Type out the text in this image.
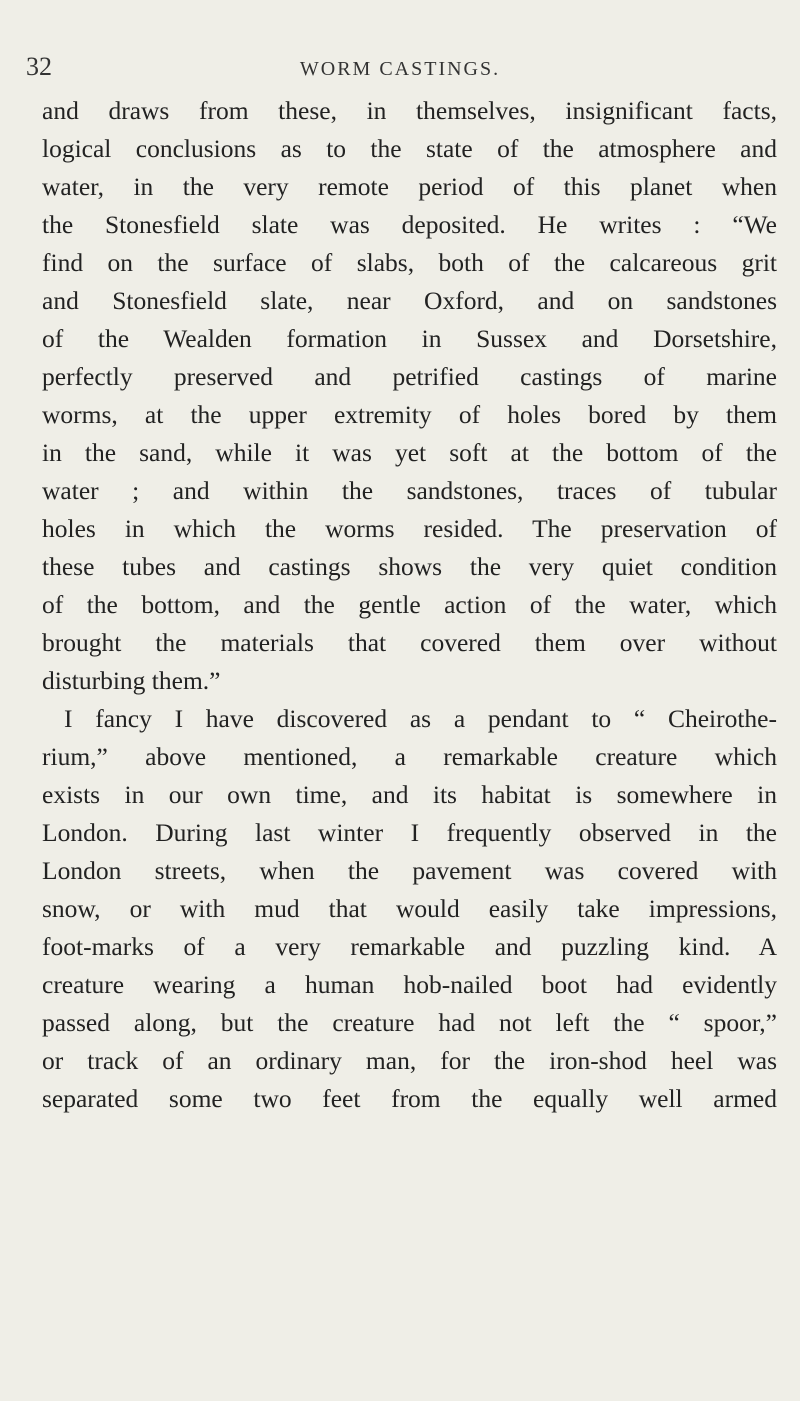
32	WORM CASTINGS.
and draws from these, in themselves, insignificant facts,
logical conclusions as to the state of the atmosphere and
water, in the very remote period of this planet when
the Stonesfield slate was deposited. He writes : “We
find on the surface of slabs, both of the calcareous grit
and Stonesfield slate, near Oxford, and on sandstones
of the Wealden formation in Sussex and Dorsetshire,
perfectly preserved and petrified castings of marine
worms, at the upper extremity of holes bored by them
in the sand, while it was yet soft at the bottom of the
water ; and within the sandstones, traces of tubular
holes in which the worms resided. The preservation of
these tubes and castings shows the very quiet condition
of the bottom, and the gentle action of the water, which
brought the materials that covered them over without
disturbing them.”
I fancy I have discovered as a pendant to “ Cheirothe-
rium,” above mentioned, a remarkable creature which
exists in our own time, and its habitat is somewhere in
London. During last winter I frequently observed in the
London streets, when the pavement was covered with
snow, or with mud that would easily take impressions,
foot-marks of a very remarkable and puzzling kind. A
creature wearing a human hob-nailed boot had evidently
passed along, but the creature had not left the “ spoor,”
or track of an ordinary man, for the iron-shod heel was
separated some two feet from the equally well armed
